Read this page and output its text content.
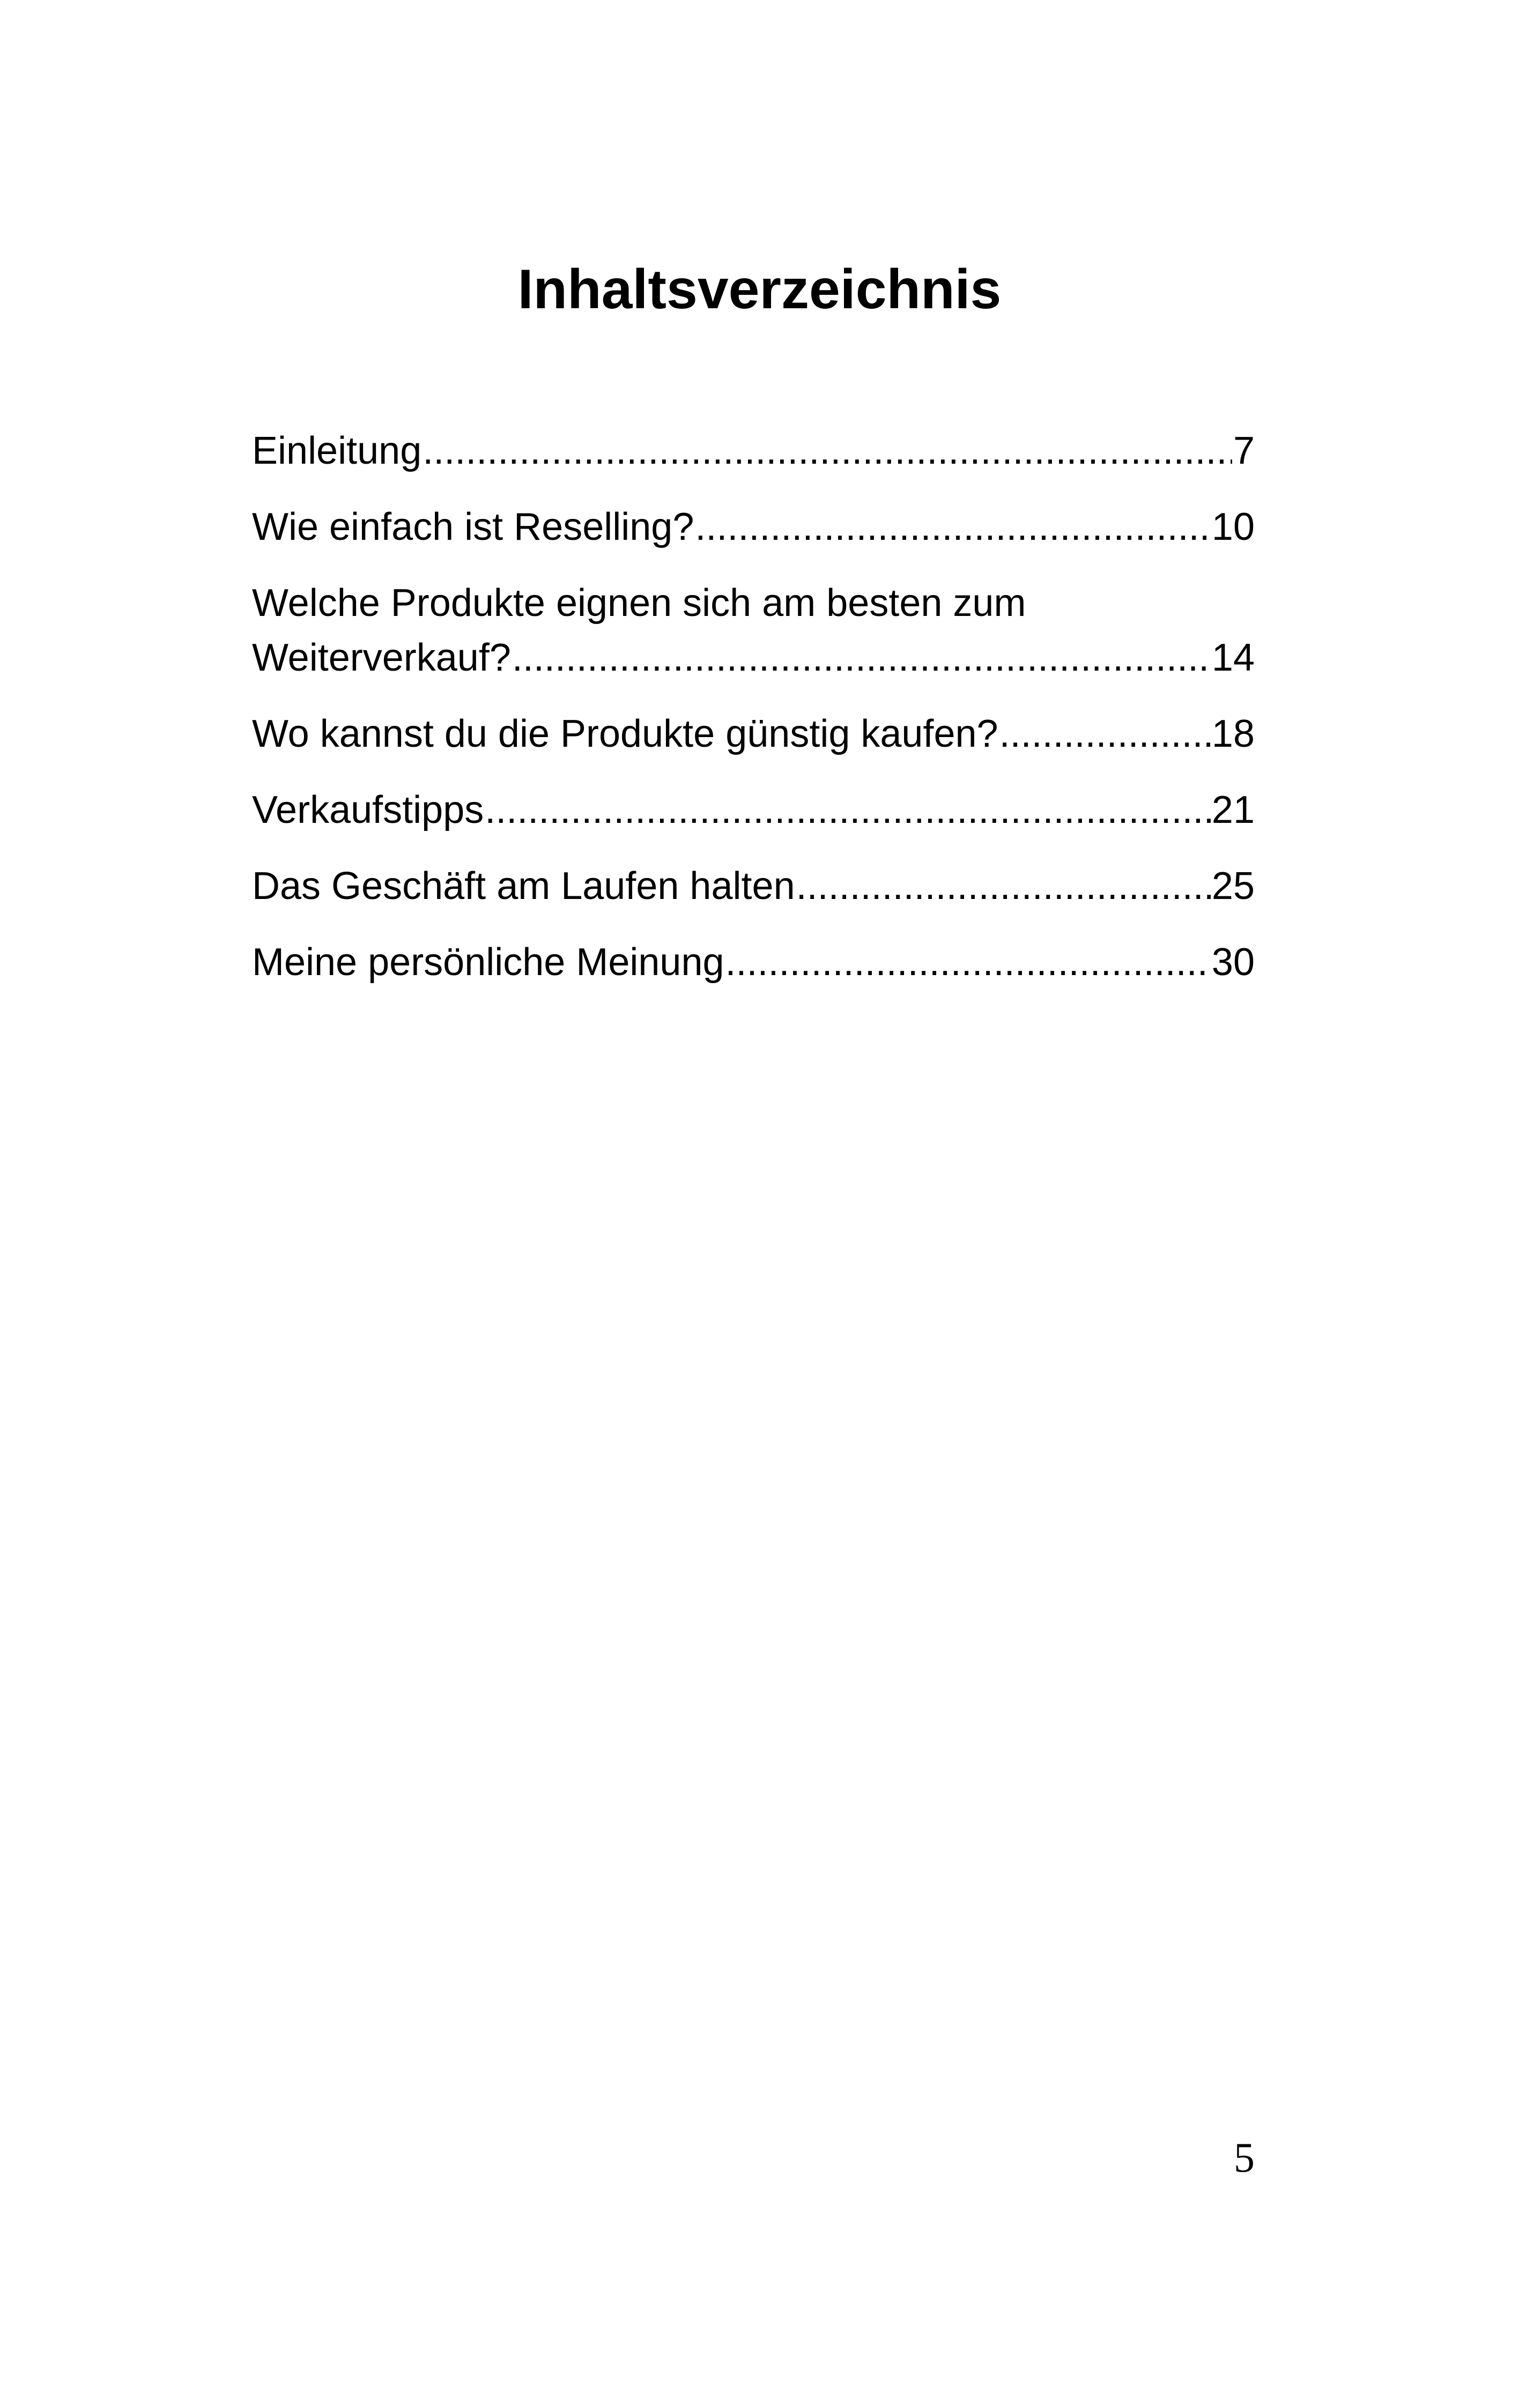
Inhaltsverzeichnis
Einleitung .....	7
Wie einfach ist Reselling? .....	10
Welche Produkte eignen sich am besten zum
Weiterverkauf? .....	14
Wo kannst du die Produkte günstig kaufen? .....	18
Verkaufstipps .....	21
Das Geschäft am Laufen halten .....	25
Meine persönliche Meinung .....	30
5
